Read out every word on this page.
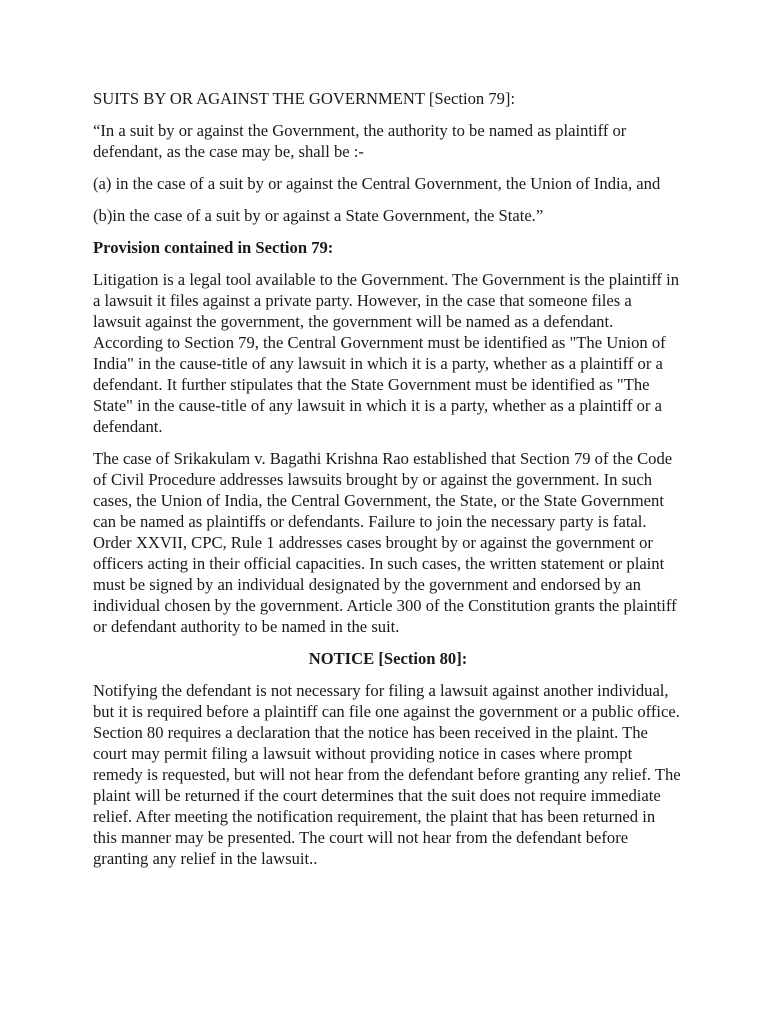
SUITS BY OR AGAINST THE GOVERNMENT [Section 79]:

“In a suit by or against the Government, the authority to be named as plaintiff or defendant, as the case may be, shall be :-

(a) in the case of a suit by or against the Central Government, the Union of India, and

(b)in the case of a suit by or against a State Government, the State.”

Provision contained in Section 79:

Litigation is a legal tool available to the Government. The Government is the plaintiff in a lawsuit it files against a private party. However, in the case that someone files a lawsuit against the government, the government will be named as a defendant. According to Section 79, the Central Government must be identified as "The Union of India" in the cause-title of any lawsuit in which it is a party, whether as a plaintiff or a defendant. It further stipulates that the State Government must be identified as "The State" in the cause-title of any lawsuit in which it is a party, whether as a plaintiff or a defendant.

The case of Srikakulam v. Bagathi Krishna Rao established that Section 79 of the Code of Civil Procedure addresses lawsuits brought by or against the government. In such cases, the Union of India, the Central Government, the State, or the State Government can be named as plaintiffs or defendants. Failure to join the necessary party is fatal. Order XXVII, CPC, Rule 1 addresses cases brought by or against the government or officers acting in their official capacities. In such cases, the written statement or plaint must be signed by an individual designated by the government and endorsed by an individual chosen by the government. Article 300 of the Constitution grants the plaintiff or defendant authority to be named in the suit.

NOTICE [Section 80]:

Notifying the defendant is not necessary for filing a lawsuit against another individual, but it is required before a plaintiff can file one against the government or a public office. Section 80 requires a declaration that the notice has been received in the plaint. The court may permit filing a lawsuit without providing notice in cases where prompt remedy is requested, but will not hear from the defendant before granting any relief. The plaint will be returned if the court determines that the suit does not require immediate relief. After meeting the notification requirement, the plaint that has been returned in this manner may be presented. The court will not hear from the defendant before granting any relief in the lawsuit..
